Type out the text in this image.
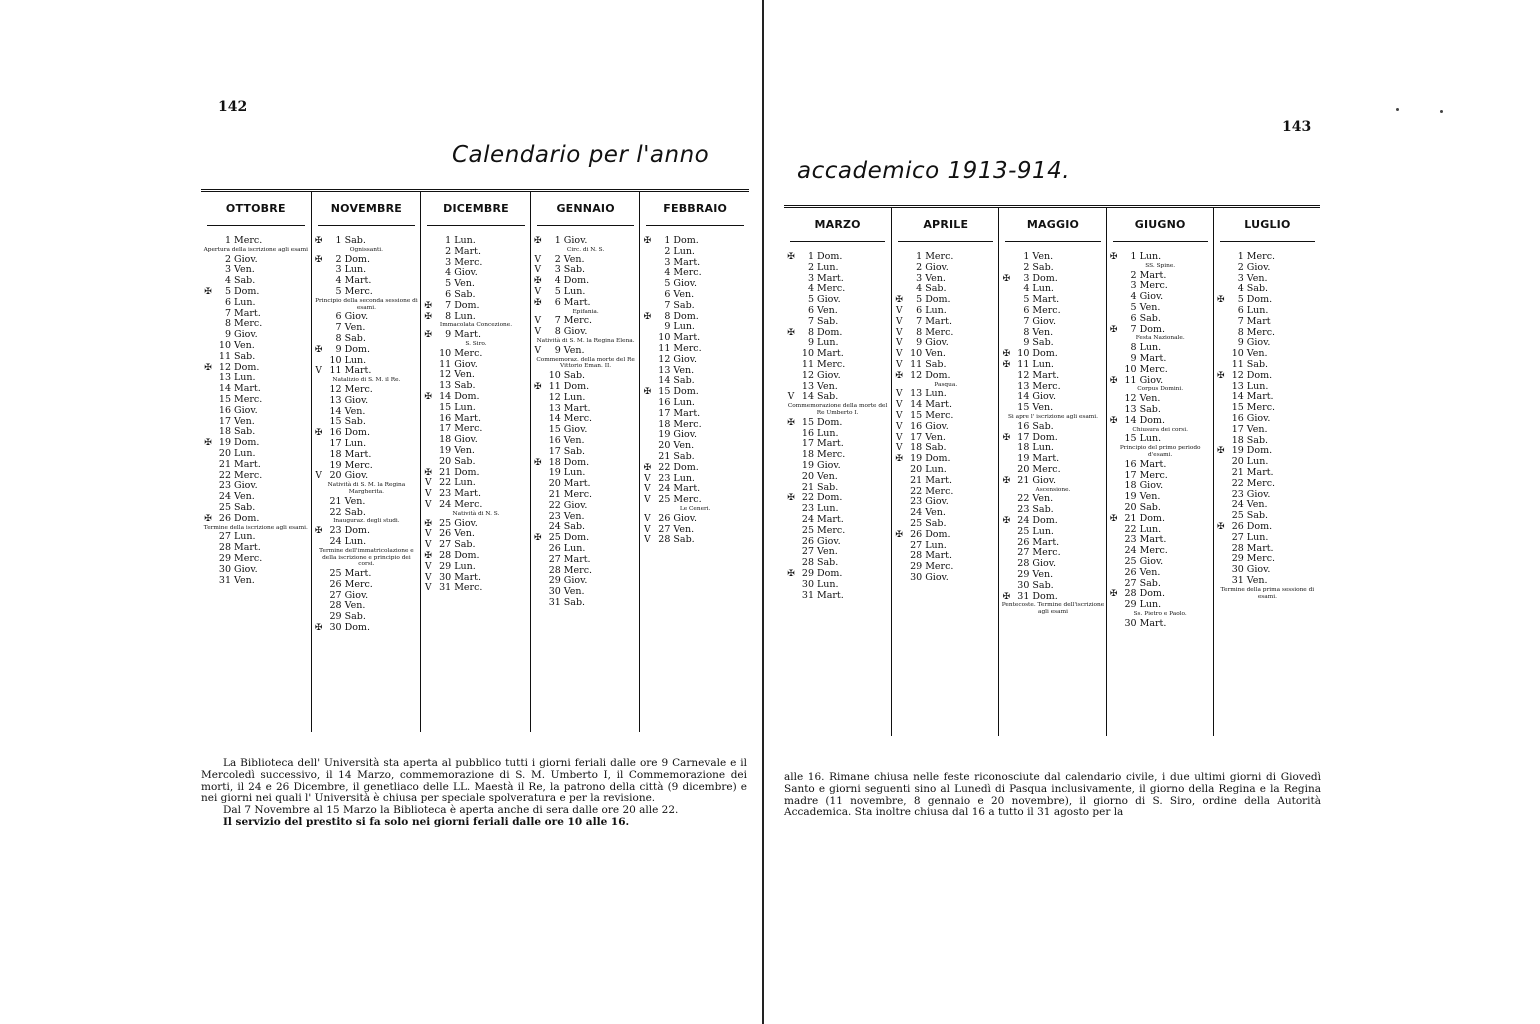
142
Calendario per l'anno
OTTOBRE
1 Merc.
Apertura della iscrizione agli esami
2 Giov.
3 Ven.
4 Sab.
✠	5 Dom.
6 Lun.
7 Mart.
8 Merc.
9 Giov.
10 Ven.
11 Sab.
✠ 12 Dom.
13 Lun.
14 Mart.
15 Merc.
16 Giov.
17 Ven.
18 Sab.
✠ 19 Dom.
20 Lun.
21 Mart.
22 Merc.
23 Giov.
24 Ven.
25 Sab.
✠ 26 Dom.
Termine della iscrizione agli esami.
27 Lun.
28 Mart.
29 Merc.
30 Giov.
31 Ven.
NOVEMBRE
✠	1 Sab.
Ognissanti.
✠	2 Dom.
3 Lun.
4 Mart.
5 Merc.
Principio della seconda sessione di esami.
6 Giov.
7 Ven.
8 Sab.
✠	9 Dom.
10 Lun.
V 11 Mart.
Natalizio di S. M. il Re.
12 Merc.
13 Giov.
14 Ven.
15 Sab.
✠ 16 Dom.
17 Lun.
18 Mart.
19 Merc.
V 20 Giov.
Natività di S. M. la Regina Margherita.
21 Ven.
22 Sab.
Inauguraz. degli studi.
✠ 23 Dom.
24 Lun.
Termine dell'immatricolazione e della iscrizione e principio dei corsi.
25 Mart.
26 Merc.
27 Giov.
28 Ven.
29 Sab.
✠ 30 Dom.
DICEMBRE
1 Lun.
2 Mart.
3 Merc.
4 Giov.
5 Ven.
6 Sab.
✠	7 Dom.
✠	8 Lun.
Immacolata Concezione.
✠	9 Mart.
S. Siro.
10 Merc.
11 Giov.
12 Ven.
13 Sab.
✠ 14 Dom.
15 Lun.
16 Mart.
17 Merc.
18 Giov.
19 Ven.
20 Sab.
✠ 21 Dom.
V 22 Lun.
V 23 Mart.
V 24 Merc.
Natività di N. S.
✠ 25 Giov.
V 26 Ven.
V 27 Sab.
✠ 28 Dom.
V 29 Lun.
V 30 Mart.
V 31 Merc.
GENNAIO
✠	1 Giov.
Circ. di N. S.
V	2 Ven.
V	3 Sab.
✠	4 Dom.
V	5 Lun.
✠	6 Mart.
Epifania.
V	7 Merc.
V	8 Giov.
Natività di S. M. la Regina Elena.
V	9 Ven.
Commemoraz. della morte del Re Vittorio Eman. II.
10 Sab.
✠ 11 Dom.
12 Lun.
13 Mart.
14 Merc.
15 Giov.
16 Ven.
17 Sab.
✠ 18 Dom.
19 Lun.
20 Mart.
21 Merc.
22 Giov.
23 Ven.
24 Sab.
✠ 25 Dom.
26 Lun.
27 Mart.
28 Merc.
29 Giov.
30 Ven.
31 Sab.
FEBBRAIO
✠	1 Dom.
2 Lun.
3 Mart.
4 Merc.
5 Giov.
6 Ven.
7 Sab.
✠	8 Dom.
9 Lun.
10 Mart.
11 Merc.
12 Giov.
13 Ven.
14 Sab.
✠ 15 Dom.
16 Lun.
17 Mart.
18 Merc.
19 Giov.
20 Ven.
21 Sab.
✠ 22 Dom.
V 23 Lun.
V 24 Mart.
V 25 Merc.
Le Ceneri.
V 26 Giov.
V 27 Ven.
V 28 Sab.

La Biblioteca dell' Università sta aperta al pubblico tutti i giorni feriali dalle ore 9 Carnevale e il Mercoledì successivo, il 14 Marzo, commemorazione di S. M. Umberto I, il Commemorazione dei morti, il 24 e 26 Dicembre, il genetliaco delle LL. Maestà il Re, la patrono della città (9 dicembre) e nei giorni nei quali l' Università è chiusa per speciale spolveratura e per la revisione.

Dal 7 Novembre al 15 Marzo la Biblioteca è aperta anche di sera dalle ore 20 alle 22.

Il servizio del prestito si fa solo nei giorni feriali dalle ore 10 alle 16.

143
accademico 1913-914.
MARZO
✠	1 Dom.
2 Lun.
3 Mart.
4 Merc.
5 Giov.
6 Ven.
7 Sab.
✠	8 Dom.
9 Lun.
10 Mart.
11 Merc.
12 Giov.
13 Ven.
V 14 Sab.
Commemorazione della morte del Re Umberto I.
✠ 15 Dom.
16 Lun.
17 Mart.
18 Merc.
19 Giov.
20 Ven.
21 Sab.
✠ 22 Dom.
23 Lun.
24 Mart.
25 Merc.
26 Giov.
27 Ven.
28 Sab.
✠ 29 Dom.
30 Lun.
31 Mart.
APRILE
1 Merc.
2 Giov.
3 Ven.
4 Sab.
✠	5 Dom.
V	6 Lun.
V	7 Mart.
V	8 Merc.
V	9 Giov.
V 10 Ven.
V 11 Sab.
✠ 12 Dom.
Pasqua.
V 13 Lun.
V 14 Mart.
V 15 Merc.
V 16 Giov.
V 17 Ven.
V 18 Sab.
✠ 19 Dom.
20 Lun.
21 Mart.
22 Merc.
23 Giov.
24 Ven.
25 Sab.
✠ 26 Dom.
27 Lun.
28 Mart.
29 Merc.
30 Giov.
MAGGIO
1 Ven.
2 Sab.
✠	3 Dom.
4 Lun.
5 Mart.
6 Merc.
7 Giov.
8 Ven.
9 Sab.
✠ 10 Dom.
✠ 11 Lun.
12 Mart.
13 Merc.
14 Giov.
15 Ven.
Si apre l' iscrizione agli esami.
16 Sab.
✠ 17 Dom.
18 Lun.
19 Mart.
20 Merc.
✠ 21 Giov.
Ascensione.
22 Ven.
23 Sab.
✠ 24 Dom.
25 Lun.
26 Mart.
27 Merc.
28 Giov.
29 Ven.
30 Sab.
✠ 31 Dom.
Pentecoste. Termine dell'iscrizione agli esami
GIUGNO
✠	1 Lun.
SS. Spine.
2 Mart.
3 Merc.
4 Giov.
5 Ven.
6 Sab.
✠	7 Dom.
Festa Nazionale.
8 Lun.
9 Mart.
10 Merc.
✠ 11 Giov.
Corpus Domini.
12 Ven.
13 Sab.
✠ 14 Dom.
Chiusura dei corsi.
15 Lun.
Principio del primo periodo d'esami.
16 Mart.
17 Merc.
18 Giov.
19 Ven.
20 Sab.
✠ 21 Dom.
22 Lun.
23 Mart.
24 Merc.
25 Giov.
26 Ven.
27 Sab.
✠ 28 Dom.
29 Lun.
Ss. Pietro e Paolo.
30 Mart.
LUGLIO
1 Merc.
2 Giov.
3 Ven.
4 Sab.
✠	5 Dom.
6 Lun.
7 Mart
8 Merc.
9 Giov.
10 Ven.
11 Sab.
✠ 12 Dom.
13 Lun.
14 Mart.
15 Merc.
16 Giov.
17 Ven.
18 Sab.
✠ 19 Dom.
20 Lun.
21 Mart.
22 Merc.
23 Giov.
24 Ven.
25 Sab.
✠ 26 Dom.
27 Lun.
28 Mart.
29 Merc.
30 Giov.
31 Ven.
Termine della prima sessione di esami.

alle 16. Rimane chiusa nelle feste riconosciute dal calendario civile, i due ultimi giorni di Giovedì Santo e giorni seguenti sino al Lunedì di Pasqua inclusivamente, il giorno della Regina e la Regina madre (11 novembre, 8 gennaio e 20 novembre), il giorno di S. Siro, ordine della Autorità Accademica. Sta inoltre chiusa dal 16 a tutto il 31 agosto per la
